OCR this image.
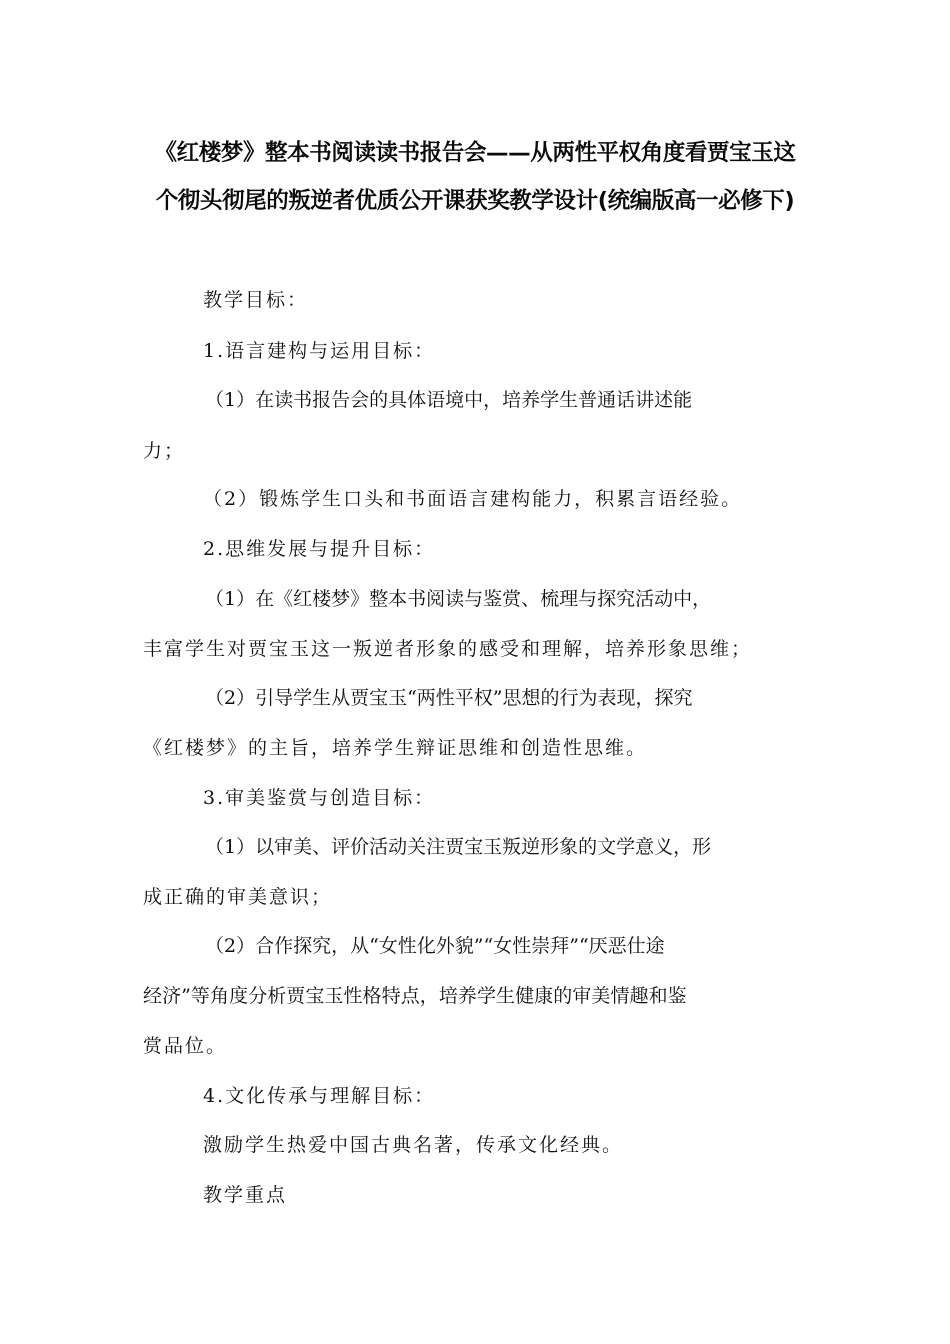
《红楼梦》整本书阅读读书报告会——从两性平权角度看贾宝玉这
个彻头彻尾的叛逆者优质公开课获奖教学设计(统编版高一必修下)
教学目标：
1.语言建构与运用目标：
（1）在读书报告会的具体语境中，培养学生普通话讲述能
力；
（2）锻炼学生口头和书面语言建构能力，积累言语经验。
2.思维发展与提升目标：
（1）在《红楼梦》整本书阅读与鉴赏、梳理与探究活动中，
丰富学生对贾宝玉这一叛逆者形象的感受和理解，培养形象思维；
（2）引导学生从贾宝玉“两性平权”思想的行为表现，探究
《红楼梦》的主旨，培养学生辩证思维和创造性思维。
3.审美鉴赏与创造目标：
（1）以审美、评价活动关注贾宝玉叛逆形象的文学意义，形
成正确的审美意识；
（2）合作探究，从“女性化外貌”“女性崇拜”“厌恶仕途
经济”等角度分析贾宝玉性格特点，培养学生健康的审美情趣和鉴
赏品位。
4.文化传承与理解目标：
激励学生热爱中国古典名著，传承文化经典。
教学重点
